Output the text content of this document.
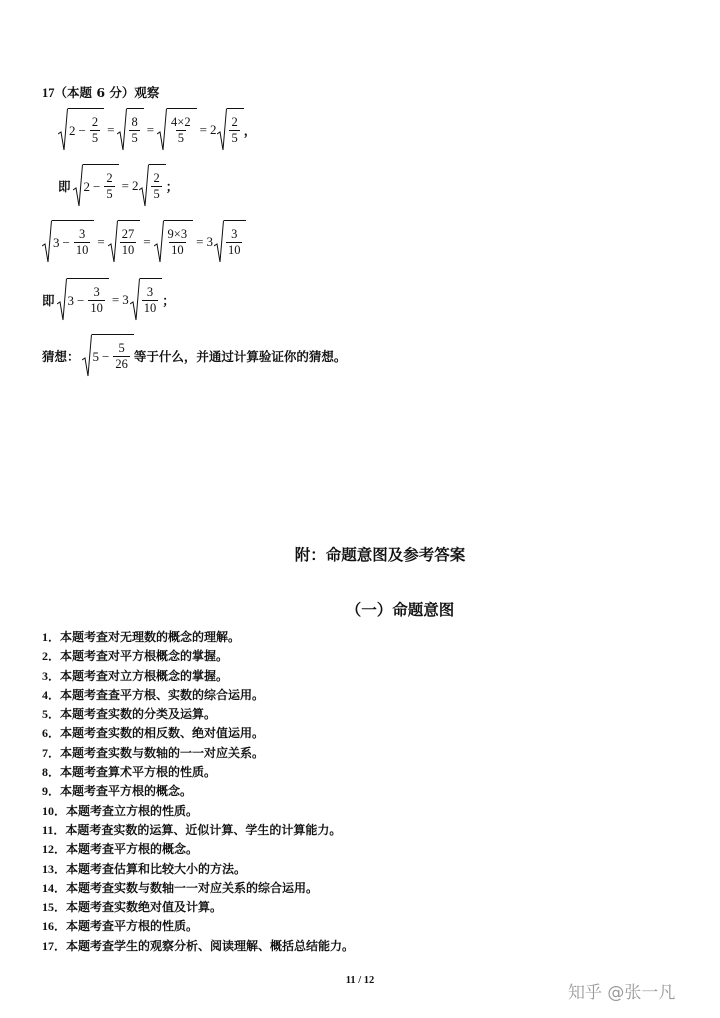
17（本题 6 分）观察
$2 - \frac{2}{5} = \frac{8}{5} = \frac{4\times 2}{5} = 2 \frac{2}{5}$ ，
即 $2 - \frac{2}{5} = 2 \frac{2}{5}$ ；
$3 - \frac{3}{10} = \frac{27}{10} = \frac{9\times 3}{10} = 3 \frac{3}{10}$
即 $3 - \frac{3}{10} = 3 \frac{3}{10}$ ；
猜想： $5 - \frac{5}{26}$ 等于什么，并通过计算验证你的猜想。
附：命题意图及参考答案
（一）命题意图
1．本题考查对无理数的概念的理解。
2．本题考查对平方根概念的掌握。
3．本题考查对立方根概念的掌握。
4．本题考查查平方根、实数的综合运用。
5．本题考查实数的分类及运算。
6．本题考查实数的相反数、绝对值运用。
7．本题考查实数与数轴的一一对应关系。
8．本题考查算术平方根的性质。
9．本题考查平方根的概念。
10．本题考查立方根的性质。
11．本题考查实数的运算、近似计算、学生的计算能力。
12．本题考查平方根的概念。
13．本题考查估算和比较大小的方法。
14．本题考查实数与数轴一一对应关系的综合运用。
15．本题考查实数绝对值及计算。
16．本题考查平方根的性质。
17．本题考查学生的观察分析、阅读理解、概括总结能力。
11 / 12
知乎 @张一凡
